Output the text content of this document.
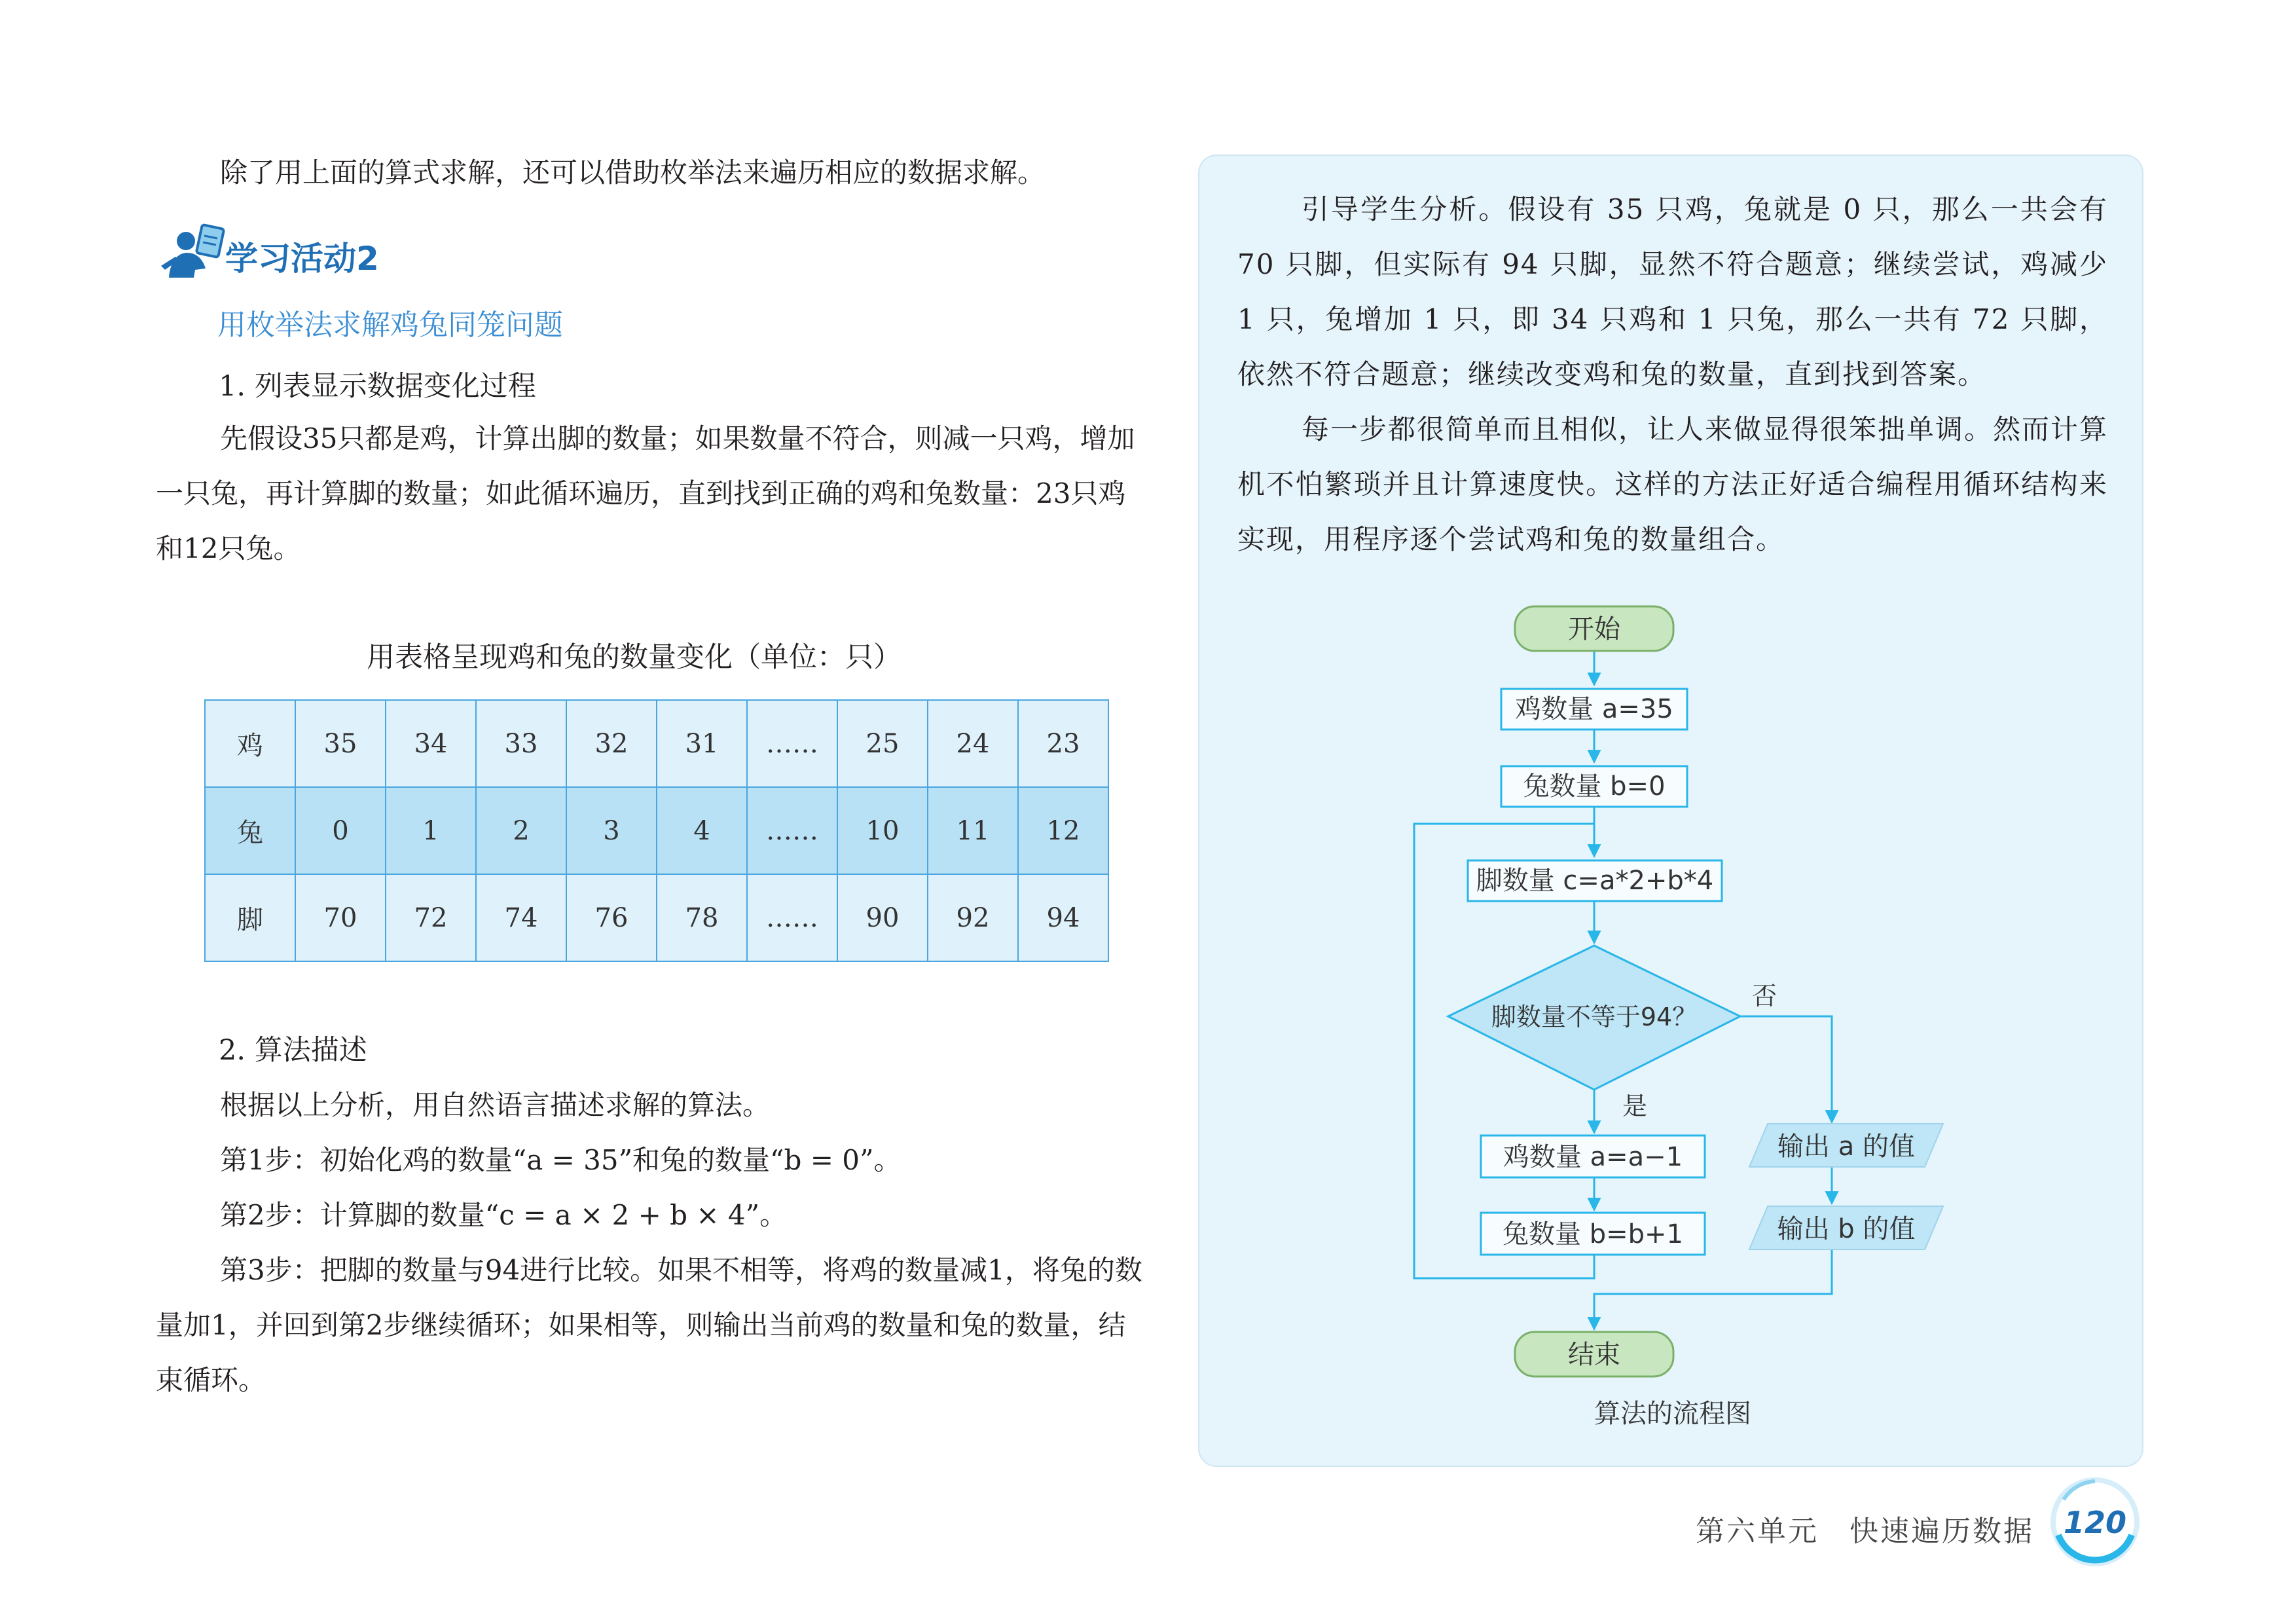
除了用上面的算式求解，还可以借助枚举法来遍历相应的数据求解。
学习活动2
用枚举法求解鸡兔同笼问题
1. 列表显示数据变化过程
先假设35只都是鸡，计算出脚的数量；如果数量不符合，则减一只鸡，增加一只兔，再计算脚的数量；如此循环遍历，直到找到正确的鸡和兔数量：23只鸡和12只兔。
用表格呈现鸡和兔的数量变化（单位：只）
鸡	35	34	33	32	31	……	25	24	23
兔	0	1	2	3	4	……	10	11	12
脚	70	72	74	76	78	……	90	92	94
2. 算法描述
根据以上分析，用自然语言描述求解的算法。
第1步：初始化鸡的数量“a = 35”和兔的数量“b = 0”。
第2步：计算脚的数量“c = a × 2 + b × 4”。
第3步：把脚的数量与94进行比较。如果不相等，将鸡的数量减1，将兔的数量加1，并回到第2步继续循环；如果相等，则输出当前鸡的数量和兔的数量，结束循环。
引导学生分析。假设有 35 只鸡，兔就是 0 只，那么一共会有 70 只脚，但实际有 94 只脚，显然不符合题意；继续尝试，鸡减少 1 只，兔增加 1 只，即 34 只鸡和 1 只兔，那么一共有 72 只脚，依然不符合题意；继续改变鸡和兔的数量，直到找到答案。
每一步都很简单而且相似，让人来做显得很笨拙单调。然而计算机不怕繁琐并且计算速度快。这样的方法正好适合编程用循环结构来实现，用程序逐个尝试鸡和兔的数量组合。
开始
鸡数量 a=35
兔数量 b=0
脚数量 c=a*2+b*4
脚数量不等于94？
是
否
鸡数量 a=a−1
兔数量 b=b+1
输出 a 的值
输出 b 的值
结束
算法的流程图
第六单元　快速遍历数据 120
